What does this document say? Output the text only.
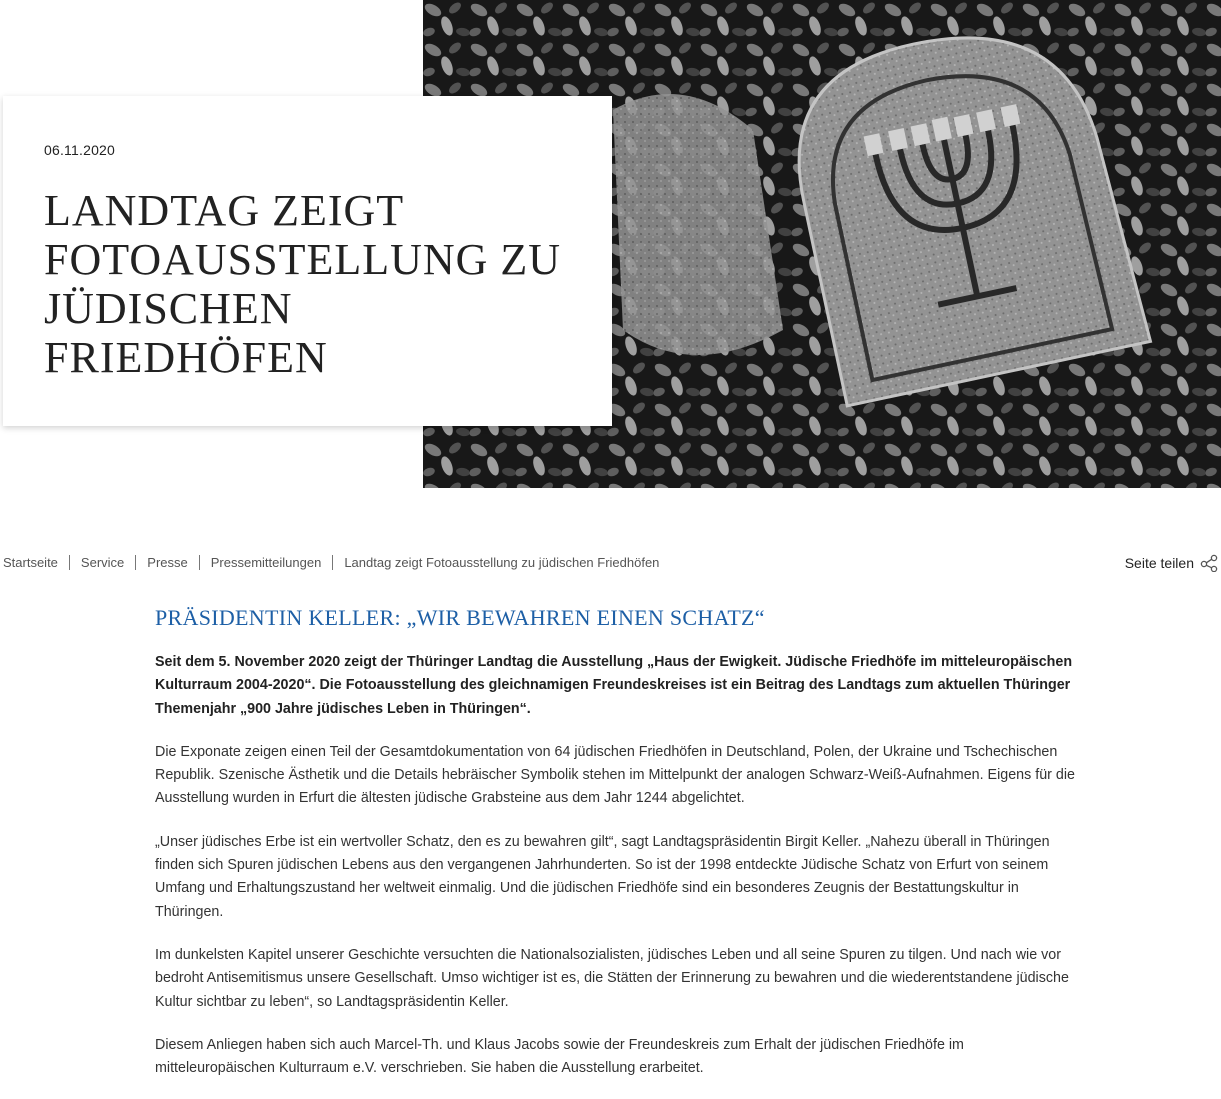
06.11.2020
LANDTAG ZEIGT FOTOAUSSTELLUNG ZU JÜDISCHEN FRIEDHÖFEN
Startseite Service Presse Pressemitteilungen Landtag zeigt Fotoausstellung zu jüdischen Friedhöfen	Seite teilen
PRÄSIDENTIN KELLER: „WIR BEWAHREN EINEN SCHATZ“

Seit dem 5. November 2020 zeigt der Thüringer Landtag die Ausstellung „Haus der Ewigkeit. Jüdische Friedhöfe im mitteleuropäischen Kulturraum 2004-2020“. Die Fotoausstellung des gleichnamigen Freundeskreises ist ein Beitrag des Landtags zum aktuellen Thüringer Themenjahr „900 Jahre jüdisches Leben in Thüringen“.

Die Exponate zeigen einen Teil der Gesamtdokumentation von 64 jüdischen Friedhöfen in Deutschland, Polen, der Ukraine und Tschechischen Republik. Szenische Ästhetik und die Details hebräischer Symbolik stehen im Mittelpunkt der analogen Schwarz-Weiß-Aufnahmen. Eigens für die Ausstellung wurden in Erfurt die ältesten jüdische Grabsteine aus dem Jahr 1244 abgelichtet.

„Unser jüdisches Erbe ist ein wertvoller Schatz, den es zu bewahren gilt“, sagt Landtagspräsidentin Birgit Keller. „Nahezu überall in Thüringen finden sich Spuren jüdischen Lebens aus den vergangenen Jahrhunderten. So ist der 1998 entdeckte Jüdische Schatz von Erfurt von seinem Umfang und Erhaltungszustand her weltweit einmalig. Und die jüdischen Friedhöfe sind ein besonderes Zeugnis der Bestattungskultur in Thüringen.

Im dunkelsten Kapitel unserer Geschichte versuchten die Nationalsozialisten, jüdisches Leben und all seine Spuren zu tilgen. Und nach wie vor bedroht Antisemitismus unsere Gesellschaft. Umso wichtiger ist es, die Stätten der Erinnerung zu bewahren und die wiederentstandene jüdische Kultur sichtbar zu leben“, so Landtagspräsidentin Keller.

Diesem Anliegen haben sich auch Marcel-Th. und Klaus Jacobs sowie der Freundeskreis zum Erhalt der jüdischen Friedhöfe im mitteleuropäischen Kulturraum e.V. verschrieben. Sie haben die Ausstellung erarbeitet.
